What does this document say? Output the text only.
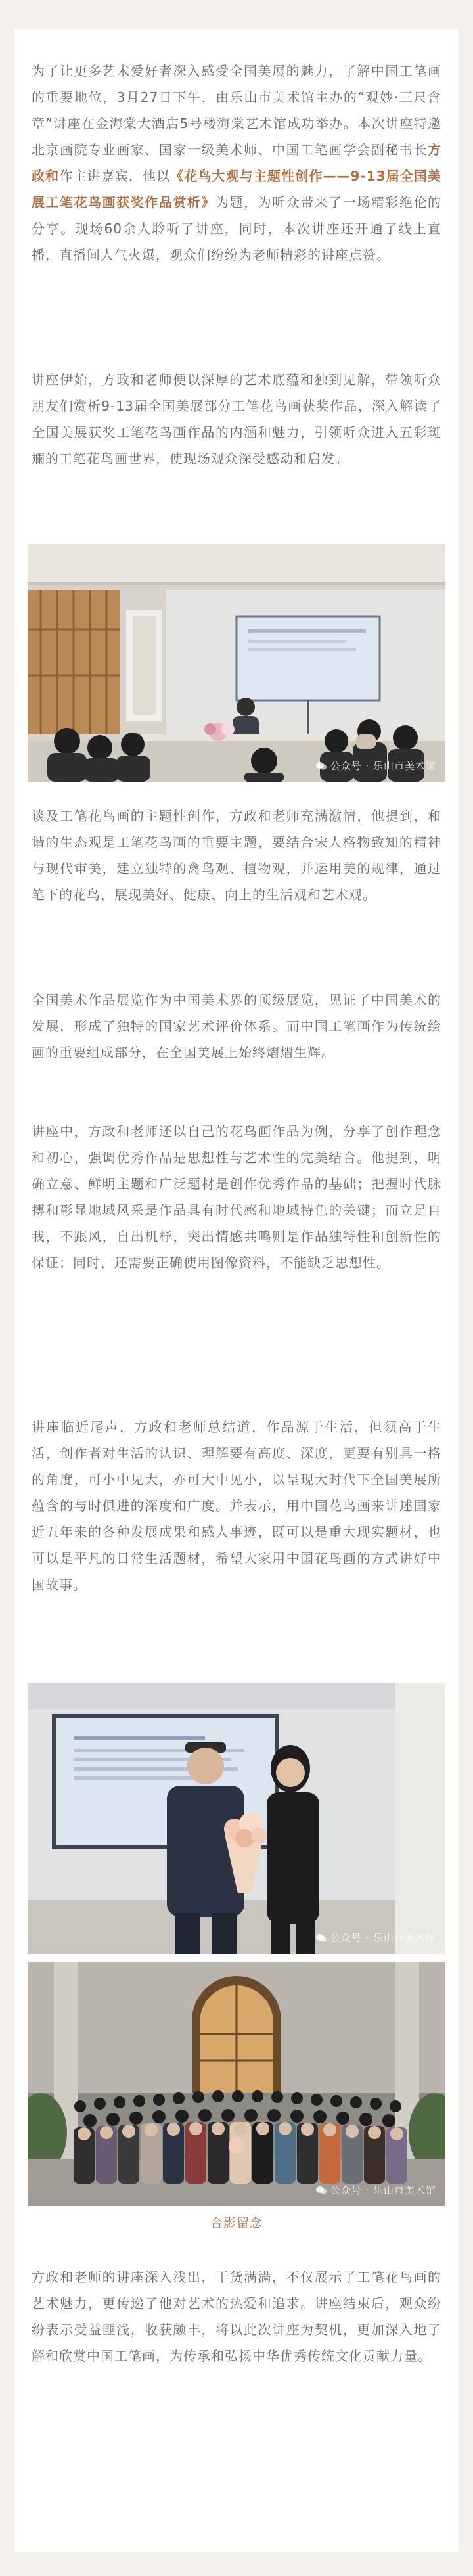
为了让更多艺术爱好者深入感受全国美展的魅力，了解中国工笔画的重要地位，3月27日下午，由乐山市美术馆主办的“观妙·三尺含章”讲座在金海棠大酒店5号楼海棠艺术馆成功举办。本次讲座特邀北京画院专业画家、国家一级美术师、中国工笔画学会副秘书长方政和作主讲嘉宾，他以《花鸟大观与主题性创作——9-13届全国美展工笔花鸟画获奖作品赏析》为题，为听众带来了一场精彩绝伦的分享。现场60余人聆听了讲座，同时，本次讲座还开通了线上直播，直播间人气火爆，观众们纷纷为老师精彩的讲座点赞。

讲座伊始，方政和老师便以深厚的艺术底蕴和独到见解，带领听众朋友们赏析9-13届全国美展部分工笔花鸟画获奖作品，深入解读了全国美展获奖工笔花鸟画作品的内涵和魅力，引领听众进入五彩斑斓的工笔花鸟画世界，使现场观众深受感动和启发。

公众号 · 乐山市美术馆

谈及工笔花鸟画的主题性创作，方政和老师充满激情，他提到，和谐的生态观是工笔花鸟画的重要主题，要结合宋人格物致知的精神与现代审美，建立独特的禽鸟观、植物观，并运用美的规律，通过笔下的花鸟，展现美好、健康、向上的生活观和艺术观。

全国美术作品展览作为中国美术界的顶级展览，见证了中国美术的发展，形成了独特的国家艺术评价体系。而中国工笔画作为传统绘画的重要组成部分，在全国美展上始终熠熠生辉。

讲座中，方政和老师还以自己的花鸟画作品为例，分享了创作理念和初心，强调优秀作品是思想性与艺术性的完美结合。他提到，明确立意、鲜明主题和广泛题材是创作优秀作品的基础；把握时代脉搏和彰显地域风采是作品具有时代感和地域特色的关键；而立足自我，不跟风，自出机杼，突出情感共鸣则是作品独特性和创新性的保证；同时，还需要正确使用图像资料，不能缺乏思想性。

讲座临近尾声，方政和老师总结道，作品源于生活，但须高于生活，创作者对生活的认识、理解要有高度、深度，更要有别具一格的角度，可小中见大，亦可大中见小，以呈现大时代下全国美展所蕴含的与时俱进的深度和广度。并表示，用中国花鸟画来讲述国家近五年来的各种发展成果和感人事迹，既可以是重大现实题材，也可以是平凡的日常生活题材，希望大家用中国花鸟画的方式讲好中国故事。

公众号 · 乐山市美术馆
公众号 · 乐山市美术馆
合影留念

方政和老师的讲座深入浅出，干货满满，不仅展示了工笔花鸟画的艺术魅力，更传递了他对艺术的热爱和追求。讲座结束后，观众纷纷表示受益匪浅，收获颇丰，将以此次讲座为契机，更加深入地了解和欣赏中国工笔画，为传承和弘扬中华优秀传统文化贡献力量。
